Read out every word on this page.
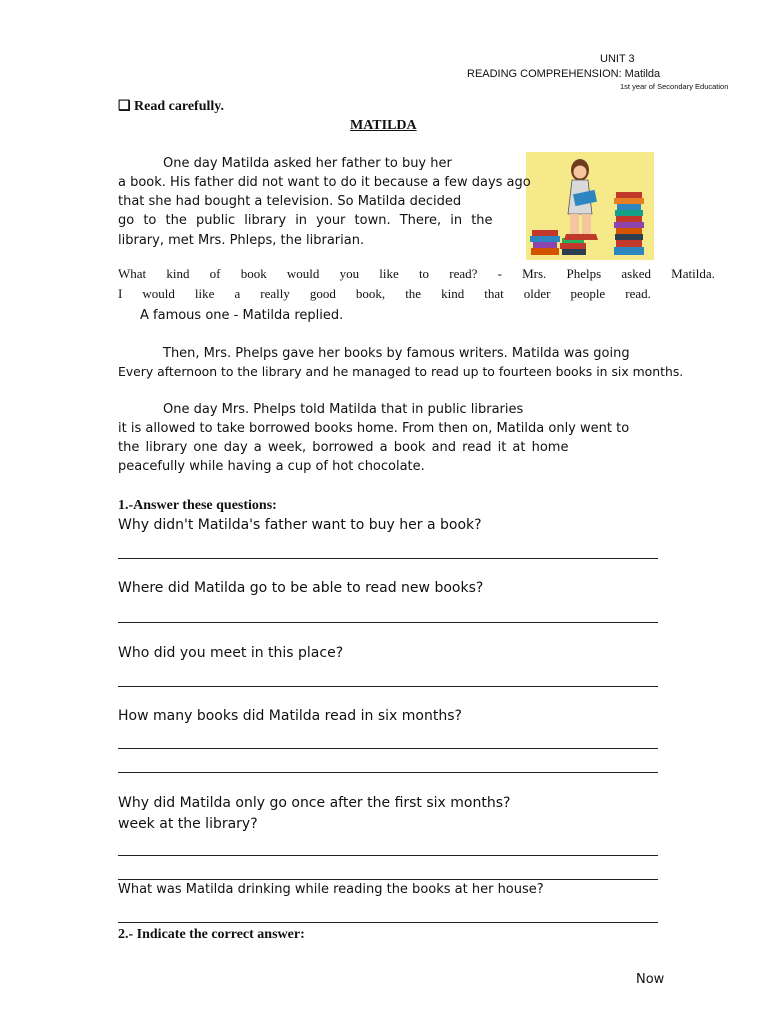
UNIT 3
READING COMPREHENSION: Matilda
1st year of Secondary Education
❑ Read carefully.
MATILDA
One day Matilda asked her father to buy her
a book. His father did not want to do it because a few days ago
that she had bought a television. So Matilda decided
go to the public library in your town. There, in the
library, met Mrs. Phleps, the librarian.
What kind of book would you like to read? - Mrs. Phelps asked Matilda.
I would like a really good book, the kind that older people read.
A famous one - Matilda replied.
Then, Mrs. Phelps gave her books by famous writers. Matilda was going
Every afternoon to the library and he managed to read up to fourteen books in six months.
One day Mrs. Phelps told Matilda that in public libraries
it is allowed to take borrowed books home. From then on, Matilda only went to
the library one day a week, borrowed a book and read it at home
peacefully while having a cup of hot chocolate.
1.-Answer these questions:
Why didn't Matilda's father want to buy her a book?
Where did Matilda go to be able to read new books?
Who did you meet in this place?
How many books did Matilda read in six months?
Why did Matilda only go once after the first six months?
week at the library?
What was Matilda drinking while reading the books at her house?
2.- Indicate the correct answer:
Now
